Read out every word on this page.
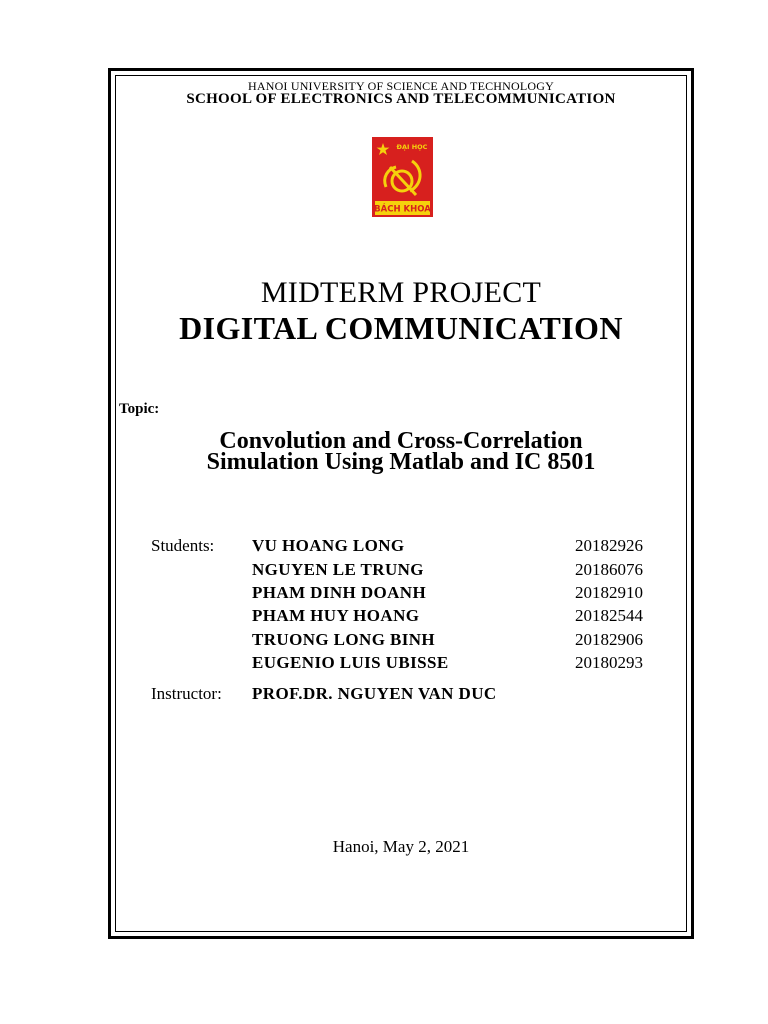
HANOI UNIVERSITY OF SCIENCE AND TECHNOLOGY
SCHOOL OF ELECTRONICS AND TELECOMMUNICATION
ĐẠI HỌC
BÁCH KHOA
MIDTERM PROJECT
DIGITAL COMMUNICATION
Topic:
Convolution and Cross-Correlation
Simulation Using Matlab and IC 8501
Students: VU HOANG LONG	20182926
NGUYEN LE TRUNG	20186076
PHAM DINH DOANH	20182910
PHAM HUY HOANG	20182544
TRUONG LONG BINH	20182906
EUGENIO LUIS UBISSE	20180293
Instructor: PROF.DR. NGUYEN VAN DUC
Hanoi, May 2, 2021
